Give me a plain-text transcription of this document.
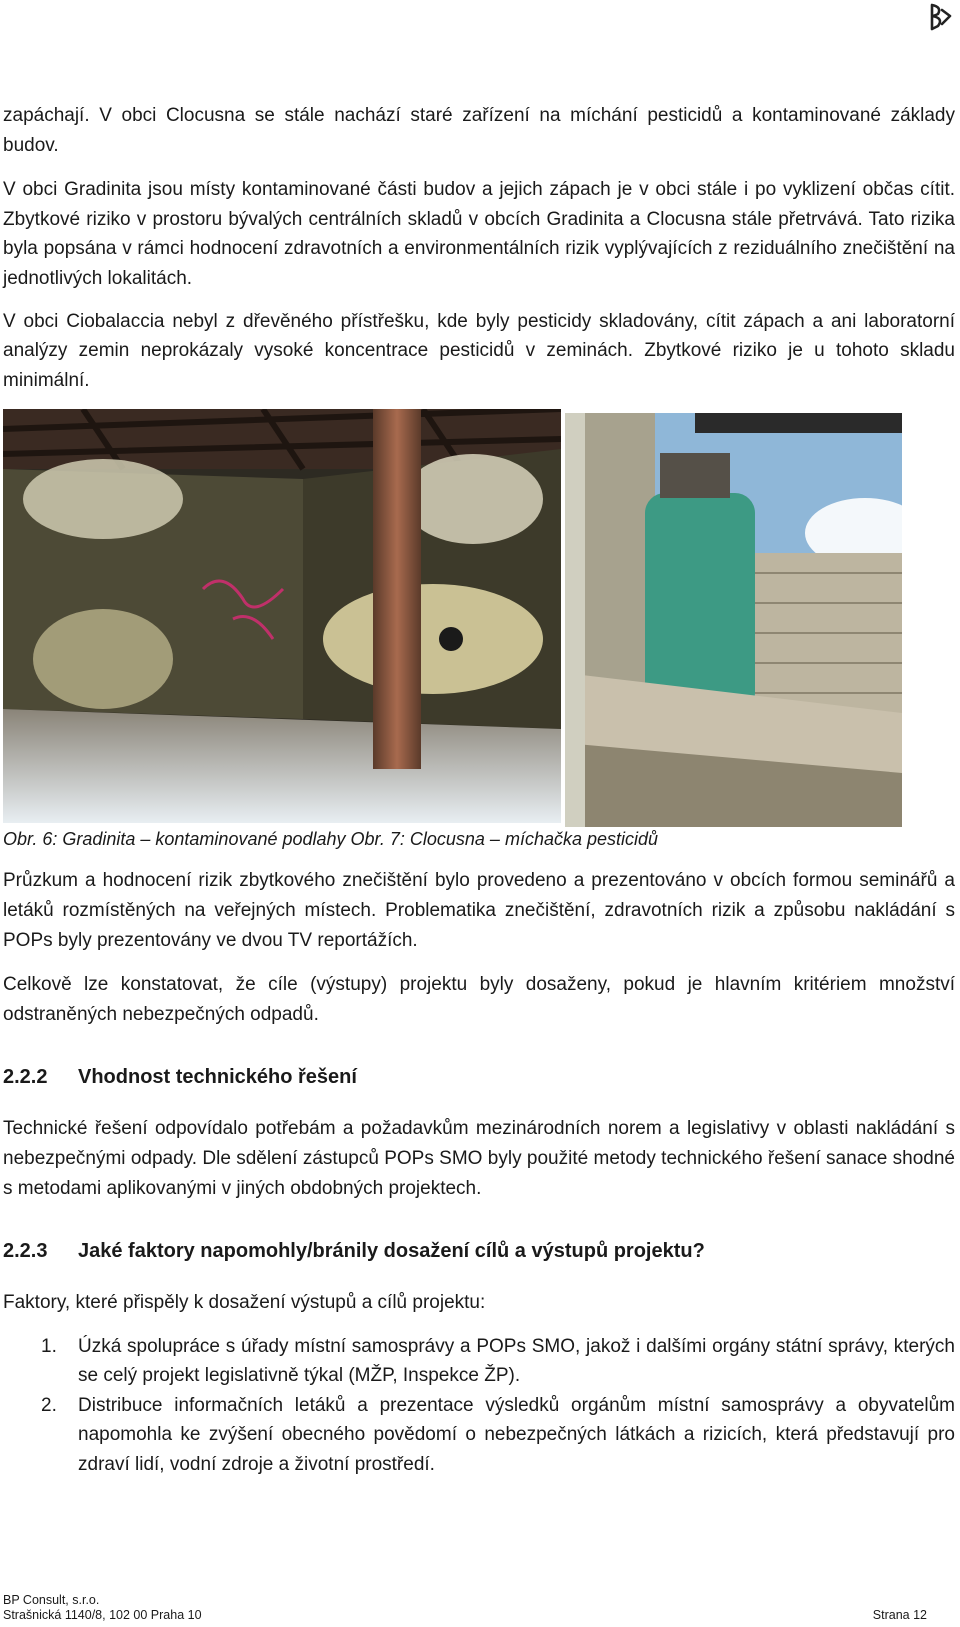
zapáchají. V obci Clocusna se stále nachází staré zařízení na míchání pesticidů a kontaminované základy budov.

V obci Gradinita jsou místy kontaminované části budov a jejich zápach je v obci stále i po vyklizení občas cítit. Zbytkové riziko v prostoru bývalých centrálních skladů v obcích Gradinita a Clocusna stále přetrvává. Tato rizika byla popsána v rámci hodnocení zdravotních a environmentálních rizik vyplývajících z reziduálního znečištění na jednotlivých lokalitách.

V obci Ciobalaccia nebyl z dřevěného přístřešku, kde byly pesticidy skladovány, cítit zápach a ani laboratorní analýzy zemin neprokázaly vysoké koncentrace pesticidů v zeminách. Zbytkové riziko je u tohoto skladu minimální.

Obr. 6: Gradinita – kontaminované podlahy Obr. 7: Clocusna – míchačka pesticidů

Průzkum a hodnocení rizik zbytkového znečištění bylo provedeno a prezentováno v obcích formou seminářů a letáků rozmístěných na veřejných místech. Problematika znečištění, zdravotních rizik a způsobu nakládání s POPs byly prezentovány ve dvou TV reportážích.

Celkově lze konstatovat, že cíle (výstupy) projektu byly dosaženy, pokud je hlavním kritériem množství odstraněných nebezpečných odpadů.

2.2.2	Vhodnost technického řešení

Technické řešení odpovídalo potřebám a požadavkům mezinárodních norem a legislativy v oblasti nakládání s nebezpečnými odpady. Dle sdělení zástupců POPs SMO byly použité metody technického řešení sanace shodné s metodami aplikovanými v jiných obdobných projektech.

2.2.3	Jaké faktory napomohly/bránily dosažení cílů a výstupů projektu?

Faktory, které přispěly k dosažení výstupů a cílů projektu:

1.	Úzká spolupráce s úřady místní samosprávy a POPs SMO, jakož i dalšími orgány státní správy, kterých se celý projekt legislativně týkal (MŽP, Inspekce ŽP).
2.	Distribuce informačních letáků a prezentace výsledků orgánům místní samosprávy a obyvatelům napomohla ke zvýšení obecného povědomí o nebezpečných látkách a rizicích, která představují pro zdraví lidí, vodní zdroje a životní prostředí.
BP Consult, s.r.o.
Strašnická 1140/8, 102 00 Praha 10	Strana 12
